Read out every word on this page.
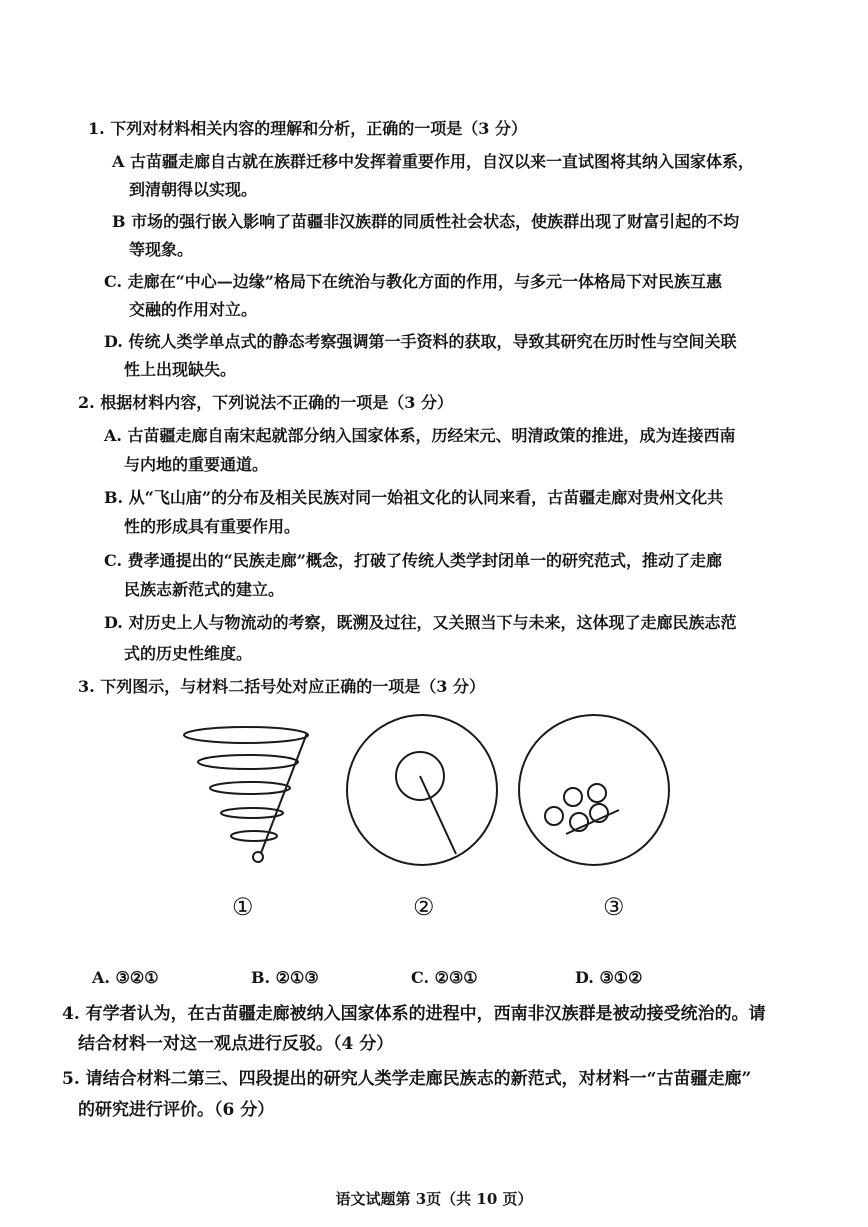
1. 下列对材料相关内容的理解和分析，正确的一项是（3 分）
A 古苗疆走廊自古就在族群迁移中发挥着重要作用，自汉以来一直试图将其纳入国家体系，
到清朝得以实现。
B 市场的强行嵌入影响了苗疆非汉族群的同质性社会状态，使族群出现了财富引起的不均
等现象。
C. 走廊在“中心—边缘”格局下在统治与教化方面的作用，与多元一体格局下对民族互惠
交融的作用对立。
D. 传统人类学单点式的静态考察强调第一手资料的获取，导致其研究在历时性与空间关联
性上出现缺失。
2. 根据材料内容，下列说法不正确的一项是（3 分）
A. 古苗疆走廊自南宋起就部分纳入国家体系，历经宋元、明清政策的推进，成为连接西南
与内地的重要通道。
B. 从“飞山庙”的分布及相关民族对同一始祖文化的认同来看，古苗疆走廊对贵州文化共
性的形成具有重要作用。
C. 费孝通提出的“民族走廊”概念，打破了传统人类学封闭单一的研究范式，推动了走廊
民族志新范式的建立。
D. 对历史上人与物流动的考察，既溯及过往，又关照当下与未来，这体现了走廊民族志范
式的历史性维度。
3. 下列图示，与材料二括号处对应正确的一项是（3 分）
①	②	③
A. ③②①	B. ②①③	C. ②③①	D. ③①②
4. 有学者认为，在古苗疆走廊被纳入国家体系的进程中，西南非汉族群是被动接受统治的。请
结合材料一对这一观点进行反驳。（4 分）
5. 请结合材料二第三、四段提出的研究人类学走廊民族志的新范式，对材料一“古苗疆走廊”
的研究进行评价。（6 分）
语文试题第 3页（共 10 页）
